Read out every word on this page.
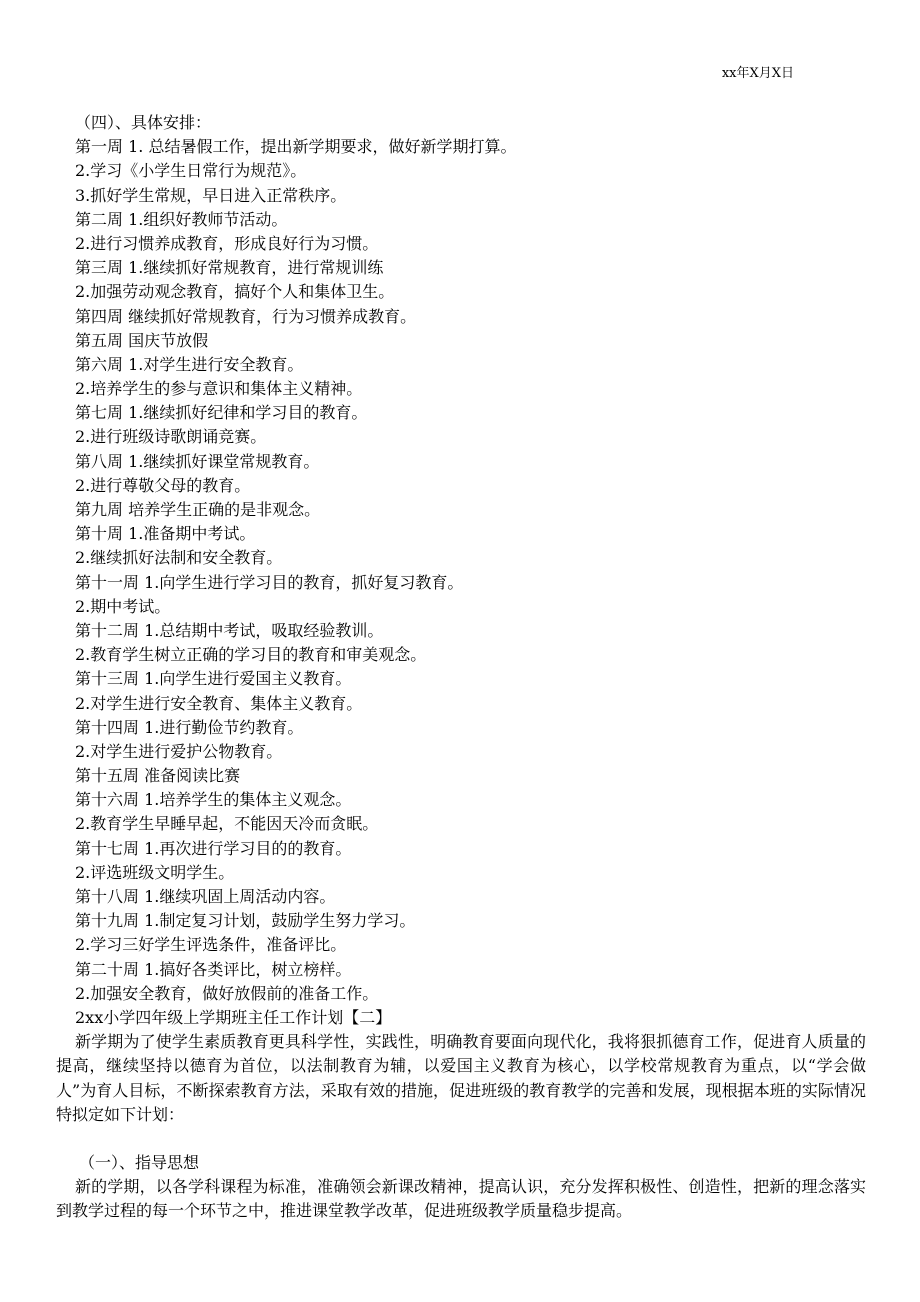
xx年X月X日
（四）、具体安排：
第一周 1. 总结暑假工作，提出新学期要求，做好新学期打算。
2.学习《小学生日常行为规范》。
3.抓好学生常规，早日进入正常秩序。
第二周 1.组织好教师节活动。
2.进行习惯养成教育，形成良好行为习惯。
第三周 1.继续抓好常规教育，进行常规训练
2.加强劳动观念教育，搞好个人和集体卫生。
第四周 继续抓好常规教育，行为习惯养成教育。
第五周 国庆节放假
第六周 1.对学生进行安全教育。
2.培养学生的参与意识和集体主义精神。
第七周 1.继续抓好纪律和学习目的教育。
2.进行班级诗歌朗诵竞赛。
第八周 1.继续抓好课堂常规教育。
2.进行尊敬父母的教育。
第九周 培养学生正确的是非观念。
第十周 1.准备期中考试。
2.继续抓好法制和安全教育。
第十一周 1.向学生进行学习目的教育，抓好复习教育。
2.期中考试。
第十二周 1.总结期中考试，吸取经验教训。
2.教育学生树立正确的学习目的教育和审美观念。
第十三周 1.向学生进行爱国主义教育。
2.对学生进行安全教育、集体主义教育。
第十四周 1.进行勤俭节约教育。
2.对学生进行爱护公物教育。
第十五周 准备阅读比赛
第十六周 1.培养学生的集体主义观念。
2.教育学生早睡早起，不能因天冷而贪眠。
第十七周 1.再次进行学习目的的教育。
2.评选班级文明学生。
第十八周 1.继续巩固上周活动内容。
第十九周 1.制定复习计划，鼓励学生努力学习。
2.学习三好学生评选条件，准备评比。
第二十周 1.搞好各类评比，树立榜样。
2.加强安全教育，做好放假前的准备工作。
2xx小学四年级上学期班主任工作计划【二】
新学期为了使学生素质教育更具科学性，实践性，明确教育要面向现代化，我将狠抓德育工作，促进育人质量的提高，继续坚持以德育为首位，以法制教育为辅，以爱国主义教育为核心，以学校常规教育为重点，以“学会做人”为育人目标，不断探索教育方法，采取有效的措施，促进班级的教育教学的完善和发展，现根据本班的实际情况特拟定如下计划：
（一）、指导思想
新的学期，以各学科课程为标准，准确领会新课改精神，提高认识，充分发挥积极性、创造性，把新的理念落实到教学过程的每一个环节之中，推进课堂教学改革，促进班级教学质量稳步提高。
